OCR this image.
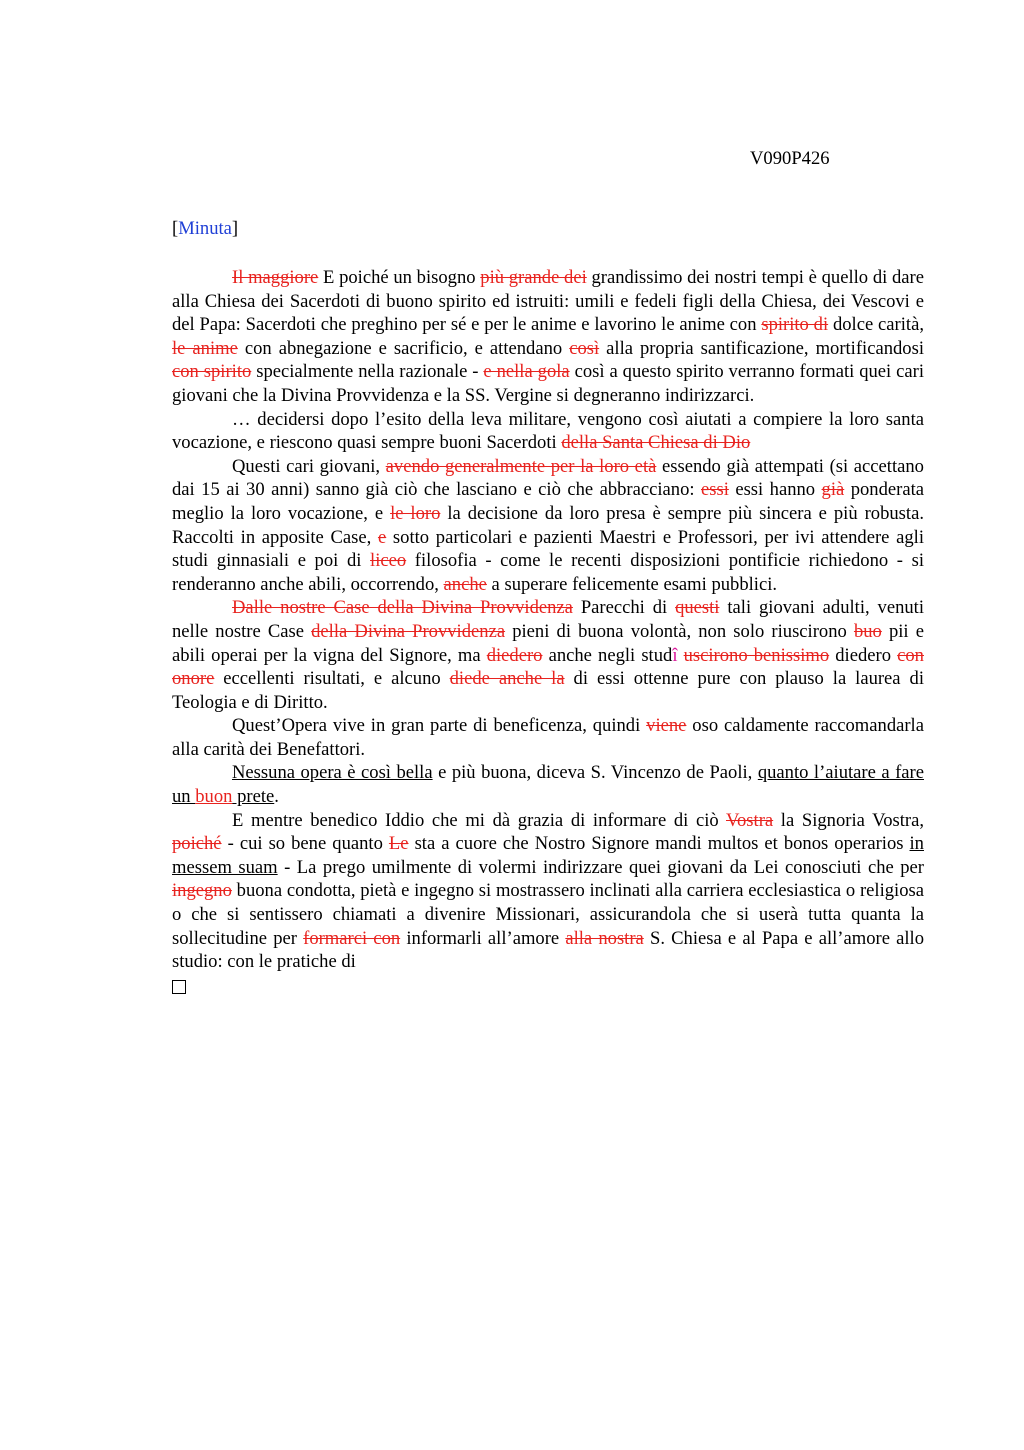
V090P426
[Minuta]

Il maggiore E poiché un bisogno più grande dei grandissimo dei nostri tempi è quello di dare alla Chiesa dei Sacerdoti di buono spirito ed istruiti: umili e fedeli figli della Chiesa, dei Vescovi e del Papa: Sacerdoti che preghino per sé e per le anime e lavorino le anime con spirito di dolce carità, le anime con abnegazione e sacrificio, e attendano così alla propria santificazione, mortificandosi con spirito specialmente nella razionale - e nella gola così a questo spirito verranno formati quei cari giovani che la Divina Provvidenza e la SS. Vergine si degneranno indirizzarci.

… decidersi dopo l’esito della leva militare, vengono così aiutati a compiere la loro santa vocazione, e riescono quasi sempre buoni Sacerdoti della Santa Chiesa di Dio

Questi cari giovani, avendo generalmente per la loro età essendo già attempati (si accettano dai 15 ai 30 anni) sanno già ciò che lasciano e ciò che abbracciano: essi essi hanno già ponderata meglio la loro vocazione, e le loro la decisione da loro presa è sempre più sincera e più robusta. Raccolti in apposite Case, e sotto particolari e pazienti Maestri e Professori, per ivi attendere agli studi ginnasiali e poi di liceo filosofia - come le recenti disposizioni pontificie richiedono - si renderanno anche abili, occorrendo, anche a superare felicemente esami pubblici.

Dalle nostre Case della Divina Provvidenza Parecchi di questi tali giovani adulti, venuti nelle nostre Case della Divina Provvidenza pieni di buona volontà, non solo riuscirono buo pii e abili operai per la vigna del Signore, ma diedero anche negli studî uscirono benissimo diedero con onore eccellenti risultati, e alcuno diede anche la di essi ottenne pure con plauso la laurea di Teologia e di Diritto.

Quest’Opera vive in gran parte di beneficenza, quindi viene oso caldamente raccomandarla alla carità dei Benefattori.

Nessuna opera è così bella e più buona, diceva S. Vincenzo de Paoli, quanto l’aiutare a fare un buon prete.

E mentre benedico Iddio che mi dà grazia di informare di ciò Vostra la Signoria Vostra, poiché - cui so bene quanto Le sta a cuore che Nostro Signore mandi multos et bonos operarios in messem suam - La prego umilmente di volermi indirizzare quei giovani da Lei conosciuti che per ingegno buona condotta, pietà e ingegno si mostrassero inclinati alla carriera ecclesiastica o religiosa o che si sentissero chiamati a divenire Missionari, assicurandola che si userà tutta quanta la sollecitudine per formarci con informarli all’amore alla nostra S. Chiesa e al Papa e all’amore allo studio: con le pratiche di
